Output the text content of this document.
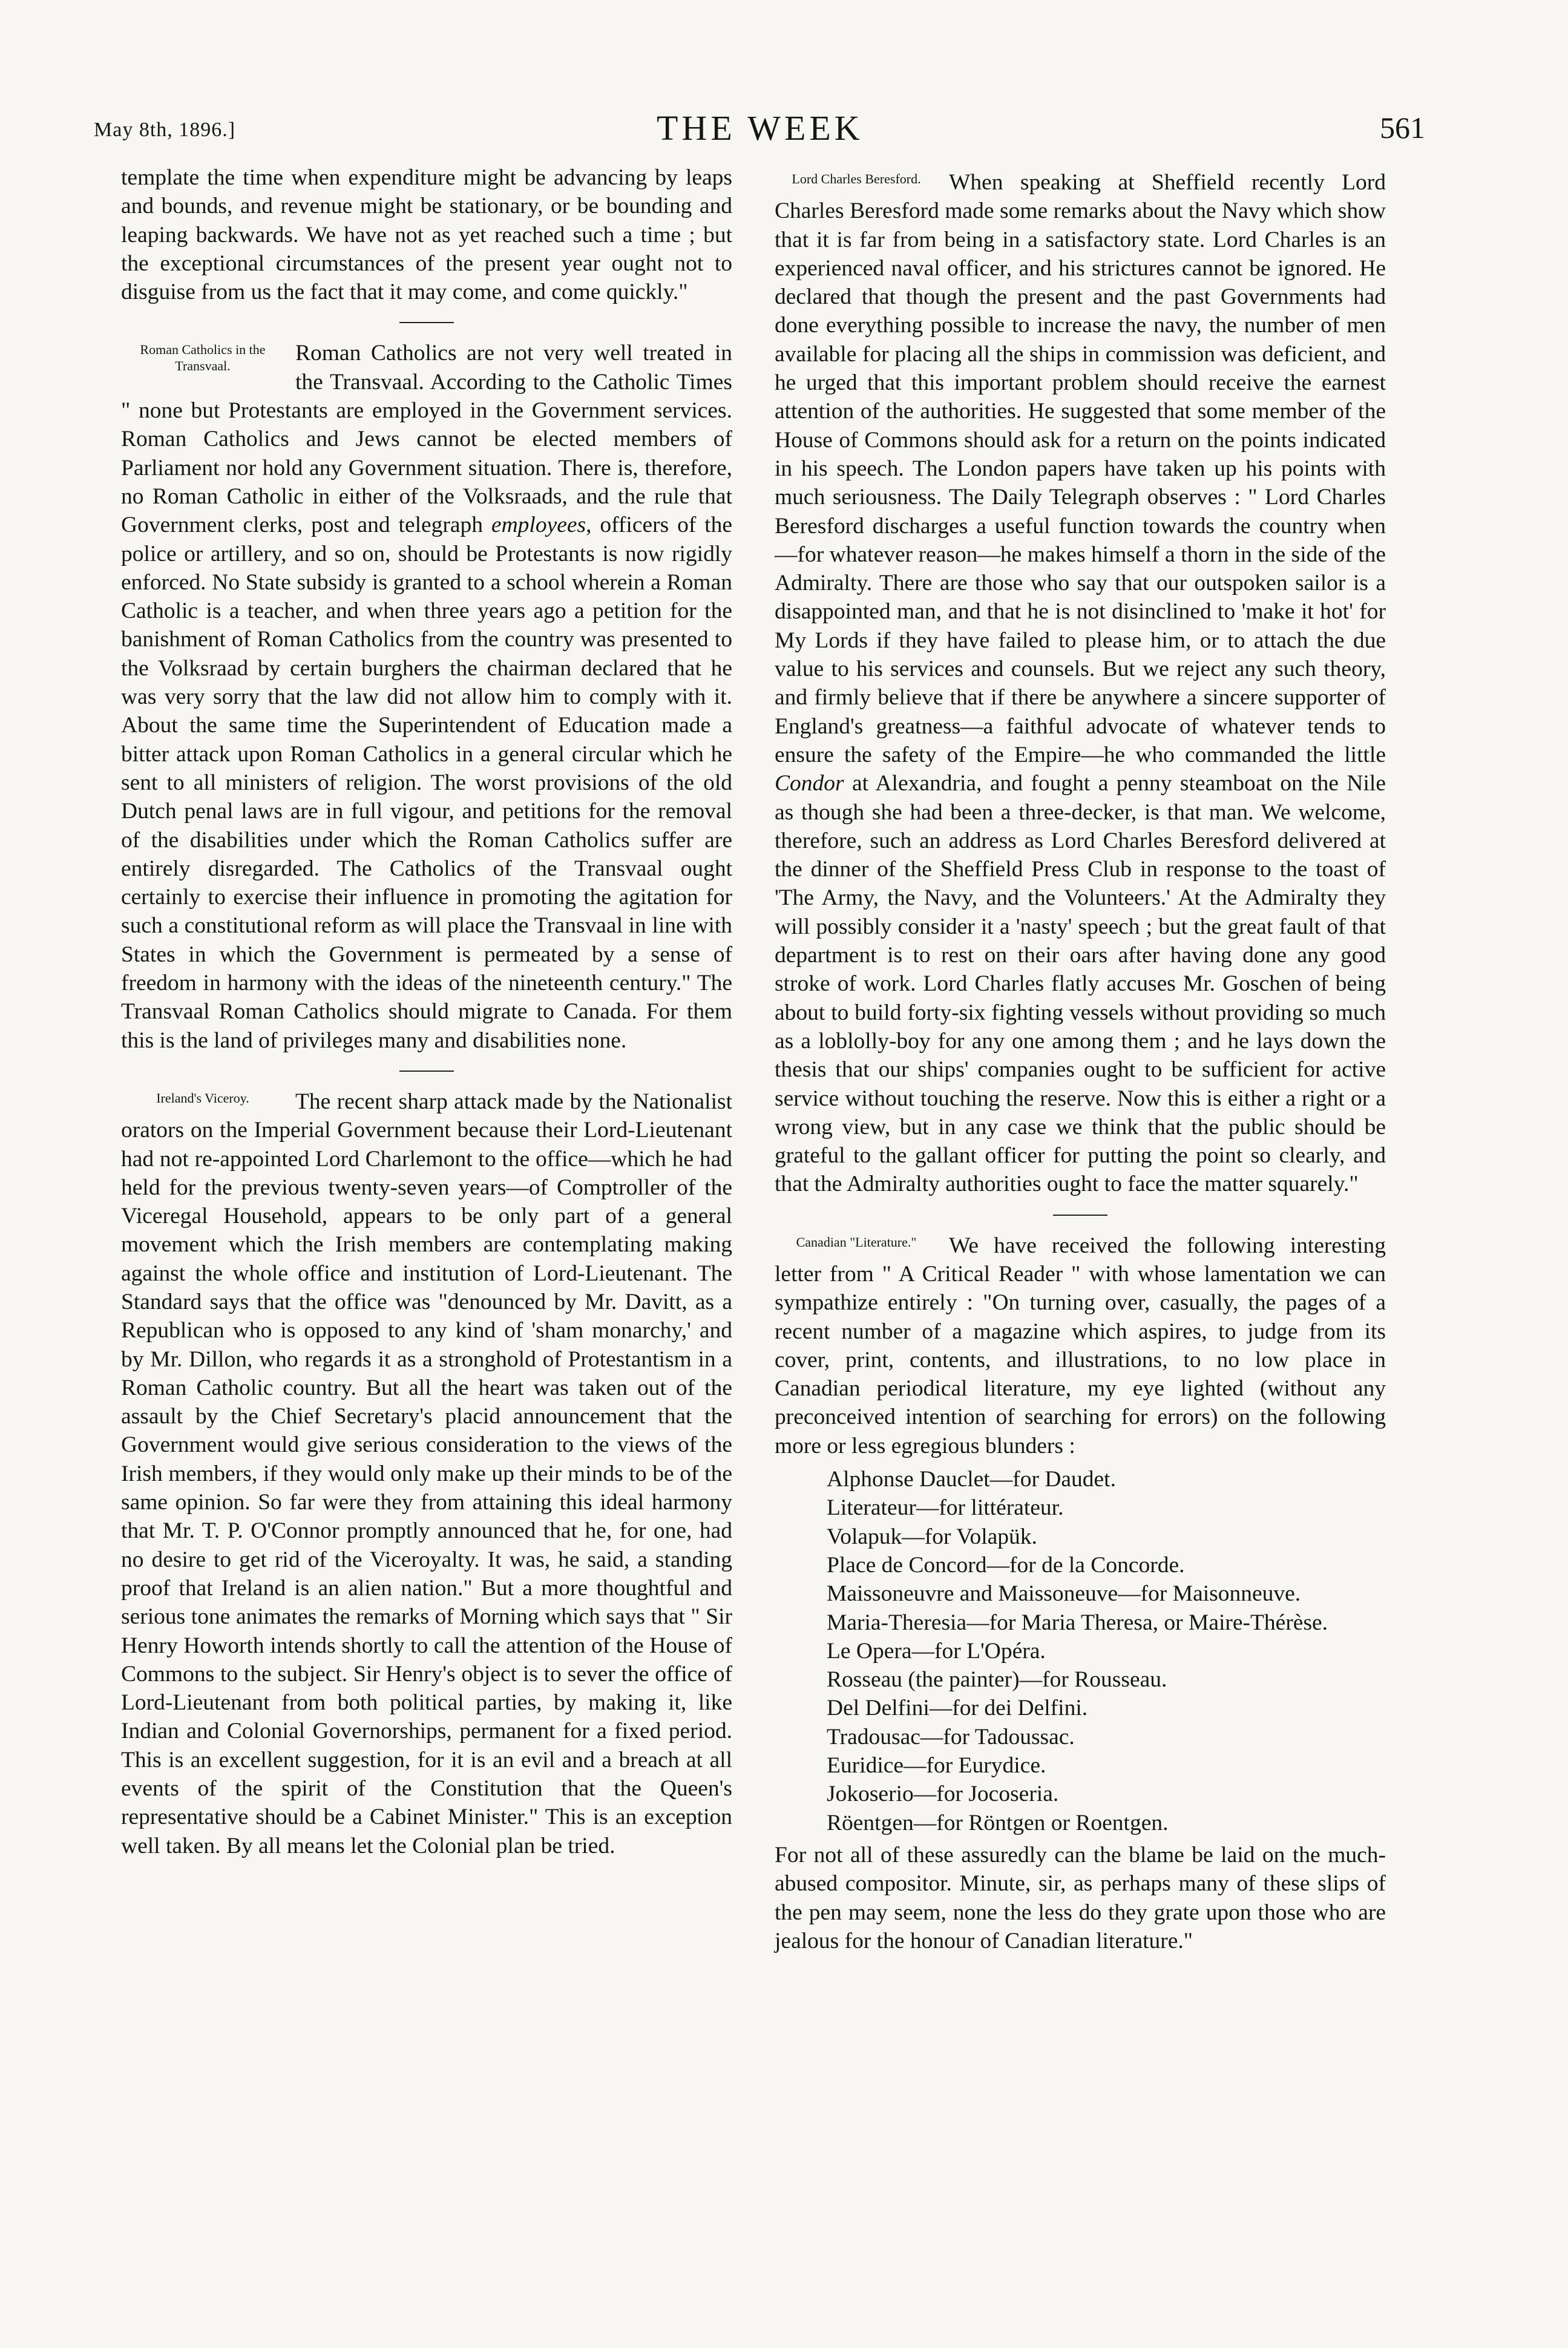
May 8th, 1896.]	THE WEEK	561

template the time when expenditure might be advancing by leaps and bounds, and revenue might be stationary, or be bounding and leaping backwards. We have not as yet reached such a time ; but the exceptional circumstances of the present year ought not to disguise from us the fact that it may come, and come quickly."

Roman Catholics in the Transvaal.

Roman Catholics are not very well treated in the Transvaal. According to the Catholic Times " none but Protestants are employed in the Government services. Roman Catholics and Jews cannot be elected members of Parliament nor hold any Government situation. There is, therefore, no Roman Catholic in either of the Volksraads, and the rule that Government clerks, post and telegraph employees, officers of the police or artillery, and so on, should be Protestants is now rigidly enforced. No State subsidy is granted to a school wherein a Roman Catholic is a teacher, and when three years ago a petition for the banishment of Roman Catholics from the country was presented to the Volksraad by certain burghers the chairman declared that he was very sorry that the law did not allow him to comply with it. About the same time the Superintendent of Education made a bitter attack upon Roman Catholics in a general circular which he sent to all ministers of religion. The worst provisions of the old Dutch penal laws are in full vigour, and petitions for the removal of the disabilities under which the Roman Catholics suffer are entirely disregarded. The Catholics of the Transvaal ought certainly to exercise their influence in promoting the agitation for such a constitutional reform as will place the Transvaal in line with States in which the Government is permeated by a sense of freedom in harmony with the ideas of the nineteenth century." The Transvaal Roman Catholics should migrate to Canada. For them this is the land of privileges many and disabilities none.

Ireland's Viceroy.	The recent sharp attack made by the Nationalist orators on the Imperial Government because their Lord-Lieutenant had not re-appointed Lord Charlemont to the office—which he had held for the previous twenty-seven years—of Comptroller of the Viceregal Household, appears to be only part of a general movement which the Irish members are contemplating making against the whole office and institution of Lord-Lieutenant. The Standard says that the office was "denounced by Mr. Davitt, as a Republican who is opposed to any kind of 'sham monarchy,' and by Mr. Dillon, who regards it as a stronghold of Protestantism in a Roman Catholic country. But all the heart was taken out of the assault by the Chief Secretary's placid announcement that the Government would give serious consideration to the views of the Irish members, if they would only make up their minds to be of the same opinion. So far were they from attaining this ideal harmony that Mr. T. P. O'Connor promptly announced that he, for one, had no desire to get rid of the Viceroyalty. It was, he said, a standing proof that Ireland is an alien nation." But a more thoughtful and serious tone animates the remarks of Morning which says that " Sir Henry Howorth intends shortly to call the attention of the House of Commons to the subject. Sir Henry's object is to sever the office of Lord-Lieutenant from both political parties, by making it, like Indian and Colonial Governorships, permanent for a fixed period. This is an excellent suggestion, for it is an evil and a breach at all events of the spirit of the Constitution that the Queen's representative should be a Cabinet Minister." This is an exception well taken. By all means let the Colonial plan be tried.

Lord Charles Beresford.	When speaking at Sheffield recently Lord Charles Beresford made some remarks about the Navy which show that it is far from being in a satisfactory state. Lord Charles is an experienced naval officer, and his strictures cannot be ignored. He declared that though the present and the past Governments had done everything possible to increase the navy, the number of men available for placing all the ships in commission was deficient, and he urged that this important problem should receive the earnest attention of the authorities. He suggested that some member of the House of Commons should ask for a return on the points indicated in his speech. The London papers have taken up his points with much seriousness. The Daily Telegraph observes : " Lord Charles Beresford discharges a useful function towards the country when—for whatever reason—he makes himself a thorn in the side of the Admiralty. There are those who say that our outspoken sailor is a disappointed man, and that he is not disinclined to 'make it hot' for My Lords if they have failed to please him, or to attach the due value to his services and counsels. But we reject any such theory, and firmly believe that if there be anywhere a sincere supporter of England's greatness—a faithful advocate of whatever tends to ensure the safety of the Empire—he who commanded the little Condor at Alexandria, and fought a penny steamboat on the Nile as though she had been a three-decker, is that man. We welcome, therefore, such an address as Lord Charles Beresford delivered at the dinner of the Sheffield Press Club in response to the toast of 'The Army, the Navy, and the Volunteers.' At the Admiralty they will possibly consider it a 'nasty' speech ; but the great fault of that department is to rest on their oars after having done any good stroke of work. Lord Charles flatly accuses Mr. Goschen of being about to build forty-six fighting vessels without providing so much as a loblolly-boy for any one among them ; and he lays down the thesis that our ships' companies ought to be sufficient for active service without touching the reserve. Now this is either a right or a wrong view, but in any case we think that the public should be grateful to the gallant officer for putting the point so clearly, and that the Admiralty authorities ought to face the matter squarely."

Canadian "Literature."	We have received the following interesting letter from " A Critical Reader " with whose lamentation we can sympathize entirely : "On turning over, casually, the pages of a recent number of a magazine which aspires, to judge from its cover, print, contents, and illustrations, to no low place in Canadian periodical literature, my eye lighted (without any preconceived intention of searching for errors) on the following more or less egregious blunders :

Alphonse Dauclet—for Daudet.
Literateur—for littérateur.
Volapuk—for Volapük.
Place de Concord—for de la Concorde.
Maissoneuvre and Maissoneuve—for Maisonneuve.
Maria-Theresia—for Maria Theresa, or Maire-Thérèse.
Le Opera—for L'Opéra.
Rosseau (the painter)—for Rousseau.
Del Delfini—for dei Delfini.
Tradousac—for Tadoussac.
Euridice—for Eurydice.
Jokoserio—for Jocoseria.
Röentgen—for Röntgen or Roentgen.

For not all of these assuredly can the blame be laid on the much-abused compositor. Minute, sir, as perhaps many of these slips of the pen may seem, none the less do they grate upon those who are jealous for the honour of Canadian literature."
